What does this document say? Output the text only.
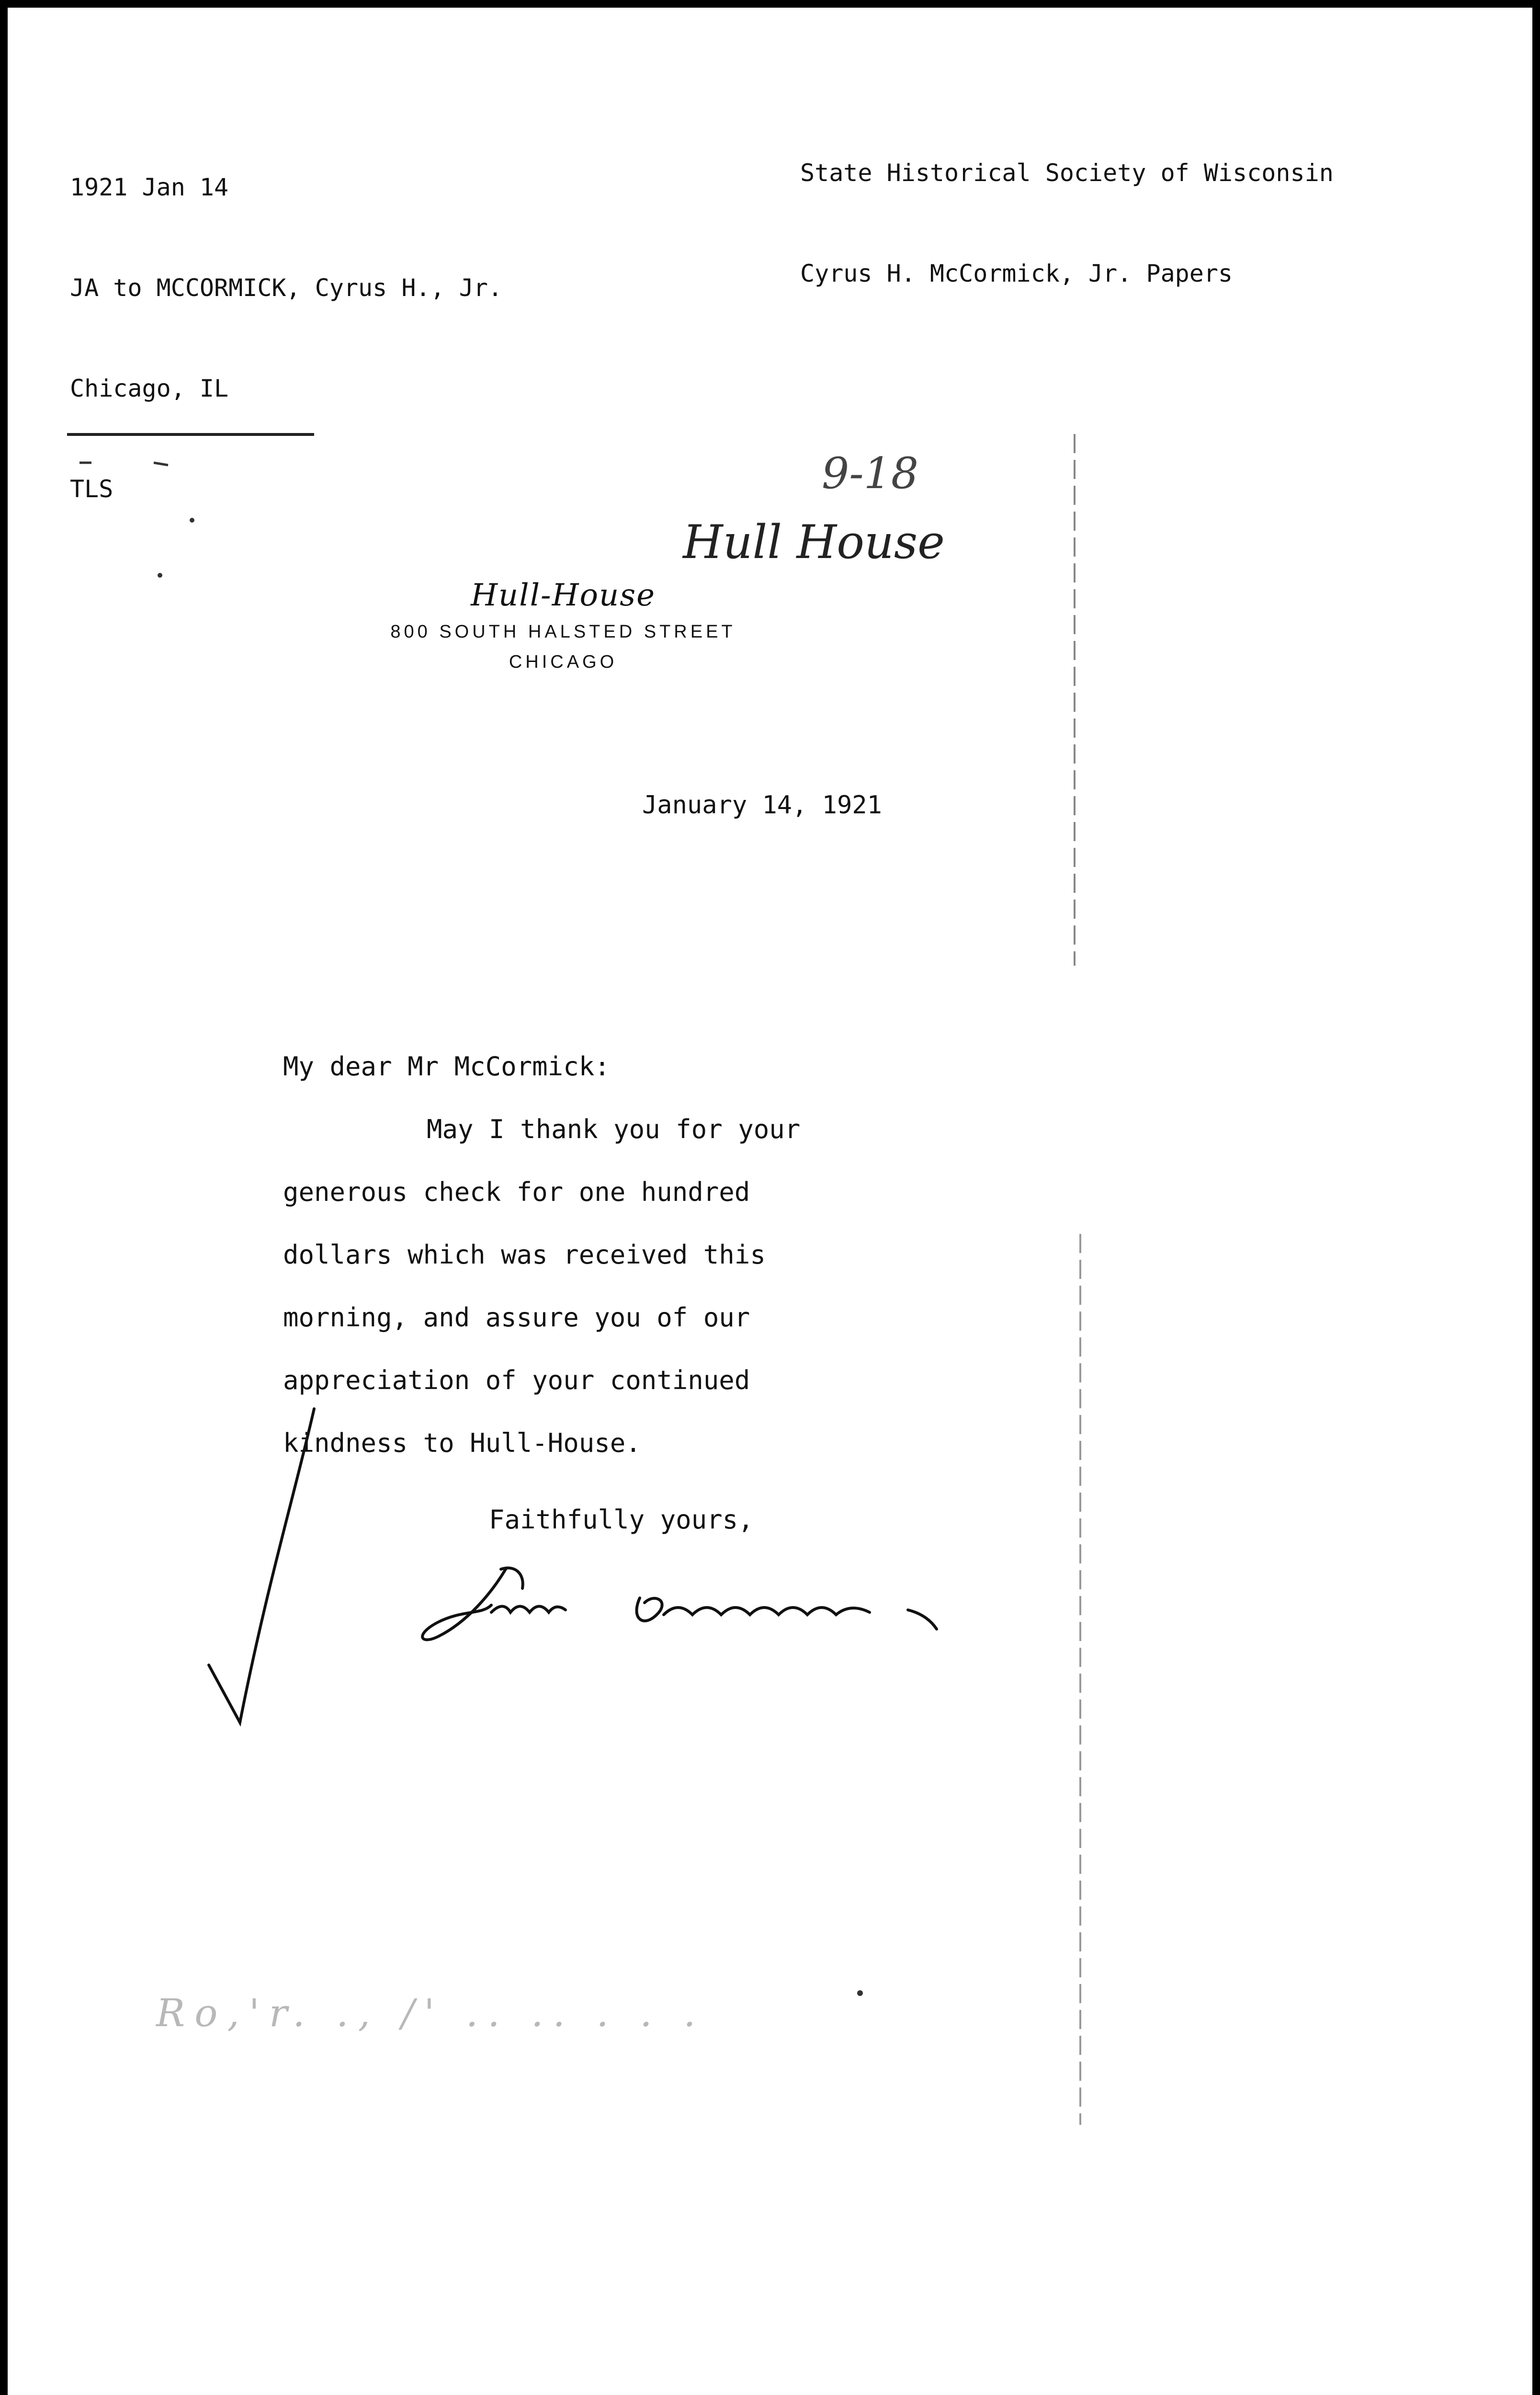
1921 Jan 14

JA to MCCORMICK, Cyrus H., Jr.

Chicago, IL

TLS

State Historical Society of Wisconsin

Cyrus H. McCormick, Jr. Papers

9-18
Hull House
Hull-House
800 SOUTH HALSTED STREET
CHICAGO
January 14, 1921

My dear Mr McCormick:

May I thank you for your

generous check for one hundred

dollars which was received this

morning, and assure you of our

appreciation of your continued

kindness to Hull-House.

Faithfully yours,
Ro,'r. ., /' .. .. . . .
